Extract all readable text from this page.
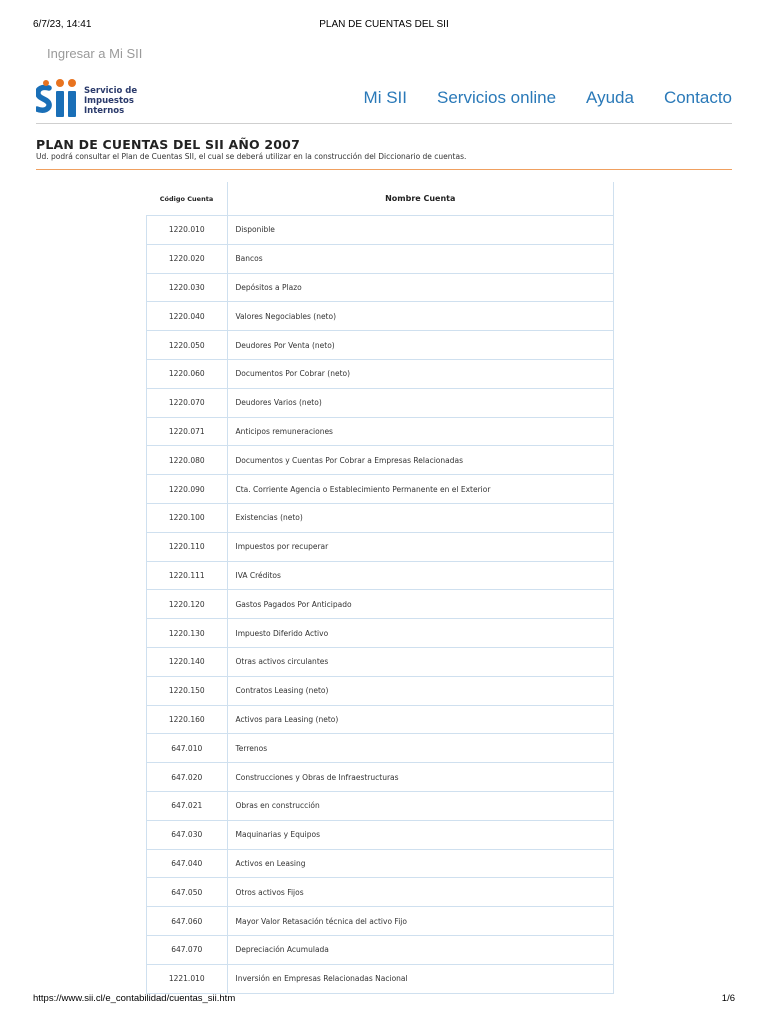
6/7/23, 14:41	PLAN DE CUENTAS DEL SII
Ingresar a Mi SII
Servicio de
Impuestos
Internos
Mi SII Servicios online Ayuda Contacto
PLAN DE CUENTAS DEL SII AÑO 2007
Ud. podrá consultar el Plan de Cuentas SII, el cual se deberá utilizar en la construcción del Diccionario de cuentas.
Código Cuenta	Nombre Cuenta
1220.010	Disponible
1220.020	Bancos
1220.030	Depósitos a Plazo
1220.040	Valores Negociables (neto)
1220.050	Deudores Por Venta (neto)
1220.060	Documentos Por Cobrar (neto)
1220.070	Deudores Varios (neto)
1220.071	Anticipos remuneraciones
1220.080	Documentos y Cuentas Por Cobrar a Empresas Relacionadas
1220.090	Cta. Corriente Agencia o Establecimiento Permanente en el Exterior
1220.100	Existencias (neto)
1220.110	Impuestos por recuperar
1220.111	IVA Créditos
1220.120	Gastos Pagados Por Anticipado
1220.130	Impuesto Diferido Activo
1220.140	Otras activos circulantes
1220.150	Contratos Leasing (neto)
1220.160	Activos para Leasing (neto)
647.010	Terrenos
647.020	Construcciones y Obras de Infraestructuras
647.021	Obras en construcción
647.030	Maquinarias y Equipos
647.040	Activos en Leasing
647.050	Otros activos Fijos
647.060	Mayor Valor Retasación técnica del activo Fijo
647.070	Depreciación Acumulada
1221.010	Inversión en Empresas Relacionadas Nacional
https://www.sii.cl/e_contabilidad/cuentas_sii.htm	1/6
